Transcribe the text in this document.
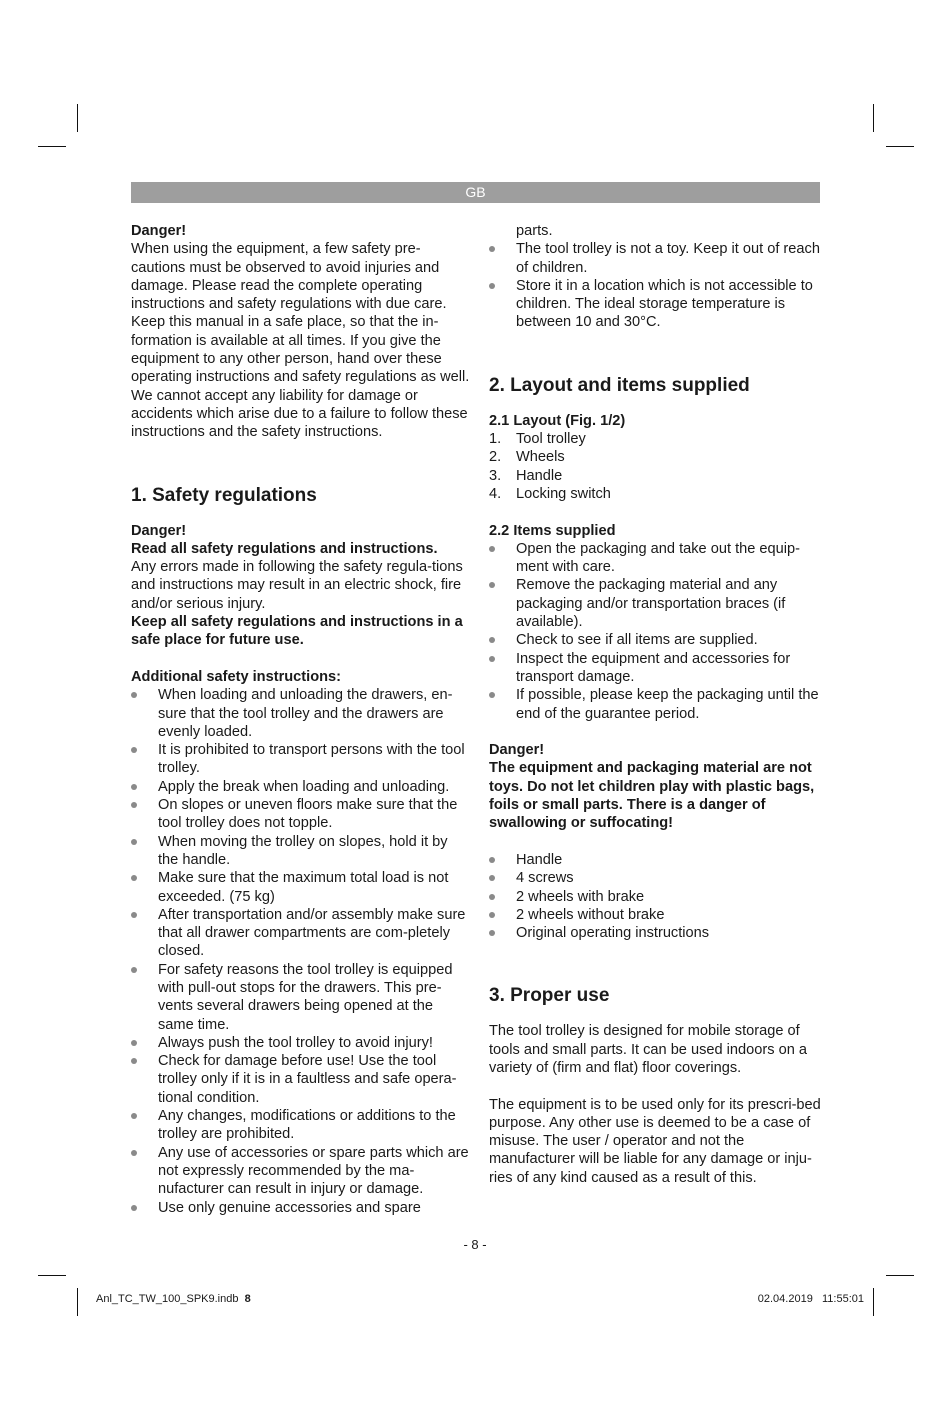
GB
Danger!
When using the equipment, a few safety pre-cautions must be observed to avoid injuries and damage. Please read the complete operating instructions and safety regulations with due care. Keep this manual in a safe place, so that the in-formation is available at all times. If you give the equipment to any other person, hand over these operating instructions and safety regulations as well. We cannot accept any liability for damage or accidents which arise due to a failure to follow these instructions and the safety instructions.
1. Safety regulations
Danger!
Read all safety regulations and instructions.
Any errors made in following the safety regula-tions and instructions may result in an electric shock, fire and/or serious injury.
Keep all safety regulations and instructions in a safe place for future use.
Additional safety instructions:
When loading and unloading the drawers, en-sure that the tool trolley and the drawers are evenly loaded.
It is prohibited to transport persons with the tool trolley.
Apply the break when loading and unloading.
On slopes or uneven floors make sure that the tool trolley does not topple.
When moving the trolley on slopes, hold it by the handle.
Make sure that the maximum total load is not exceeded. (75 kg)
After transportation and/or assembly make sure that all drawer compartments are com-pletely closed.
For safety reasons the tool trolley is equipped with pull-out stops for the drawers. This pre-vents several drawers being opened at the same time.
Always push the tool trolley to avoid injury!
Check for damage before use! Use the tool trolley only if it is in a faultless and safe opera-tional condition.
Any changes, modifications or additions to the trolley are prohibited.
Any use of accessories or spare parts which are not expressly recommended by the ma-nufacturer can result in injury or damage.
Use only genuine accessories and spare
parts.
The tool trolley is not a toy. Keep it out of reach of children.
Store it in a location which is not accessible to children. The ideal storage temperature is between 10 and 30°C.
2. Layout and items supplied
2.1 Layout (Fig. 1/2)
1. Tool trolley
2. Wheels
3. Handle
4. Locking switch
2.2 Items supplied
Open the packaging and take out the equip-ment with care.
Remove the packaging material and any packaging and/or transportation braces (if available).
Check to see if all items are supplied.
Inspect the equipment and accessories for transport damage.
If possible, please keep the packaging until the end of the guarantee period.
Danger!
The equipment and packaging material are not toys. Do not let children play with plastic bags, foils or small parts. There is a danger of swallowing or suffocating!
Handle
4 screws
2 wheels with brake
2 wheels without brake
Original operating instructions
3. Proper use
The tool trolley is designed for mobile storage of tools and small parts. It can be used indoors on a variety of (firm and flat) floor coverings.
The equipment is to be used only for its prescri-bed purpose. Any other use is deemed to be a case of misuse. The user / operator and not the manufacturer will be liable for any damage or inju-ries of any kind caused as a result of this.
- 8 -
Anl_TC_TW_100_SPK9.indb 8	02.04.2019   11:55:01
